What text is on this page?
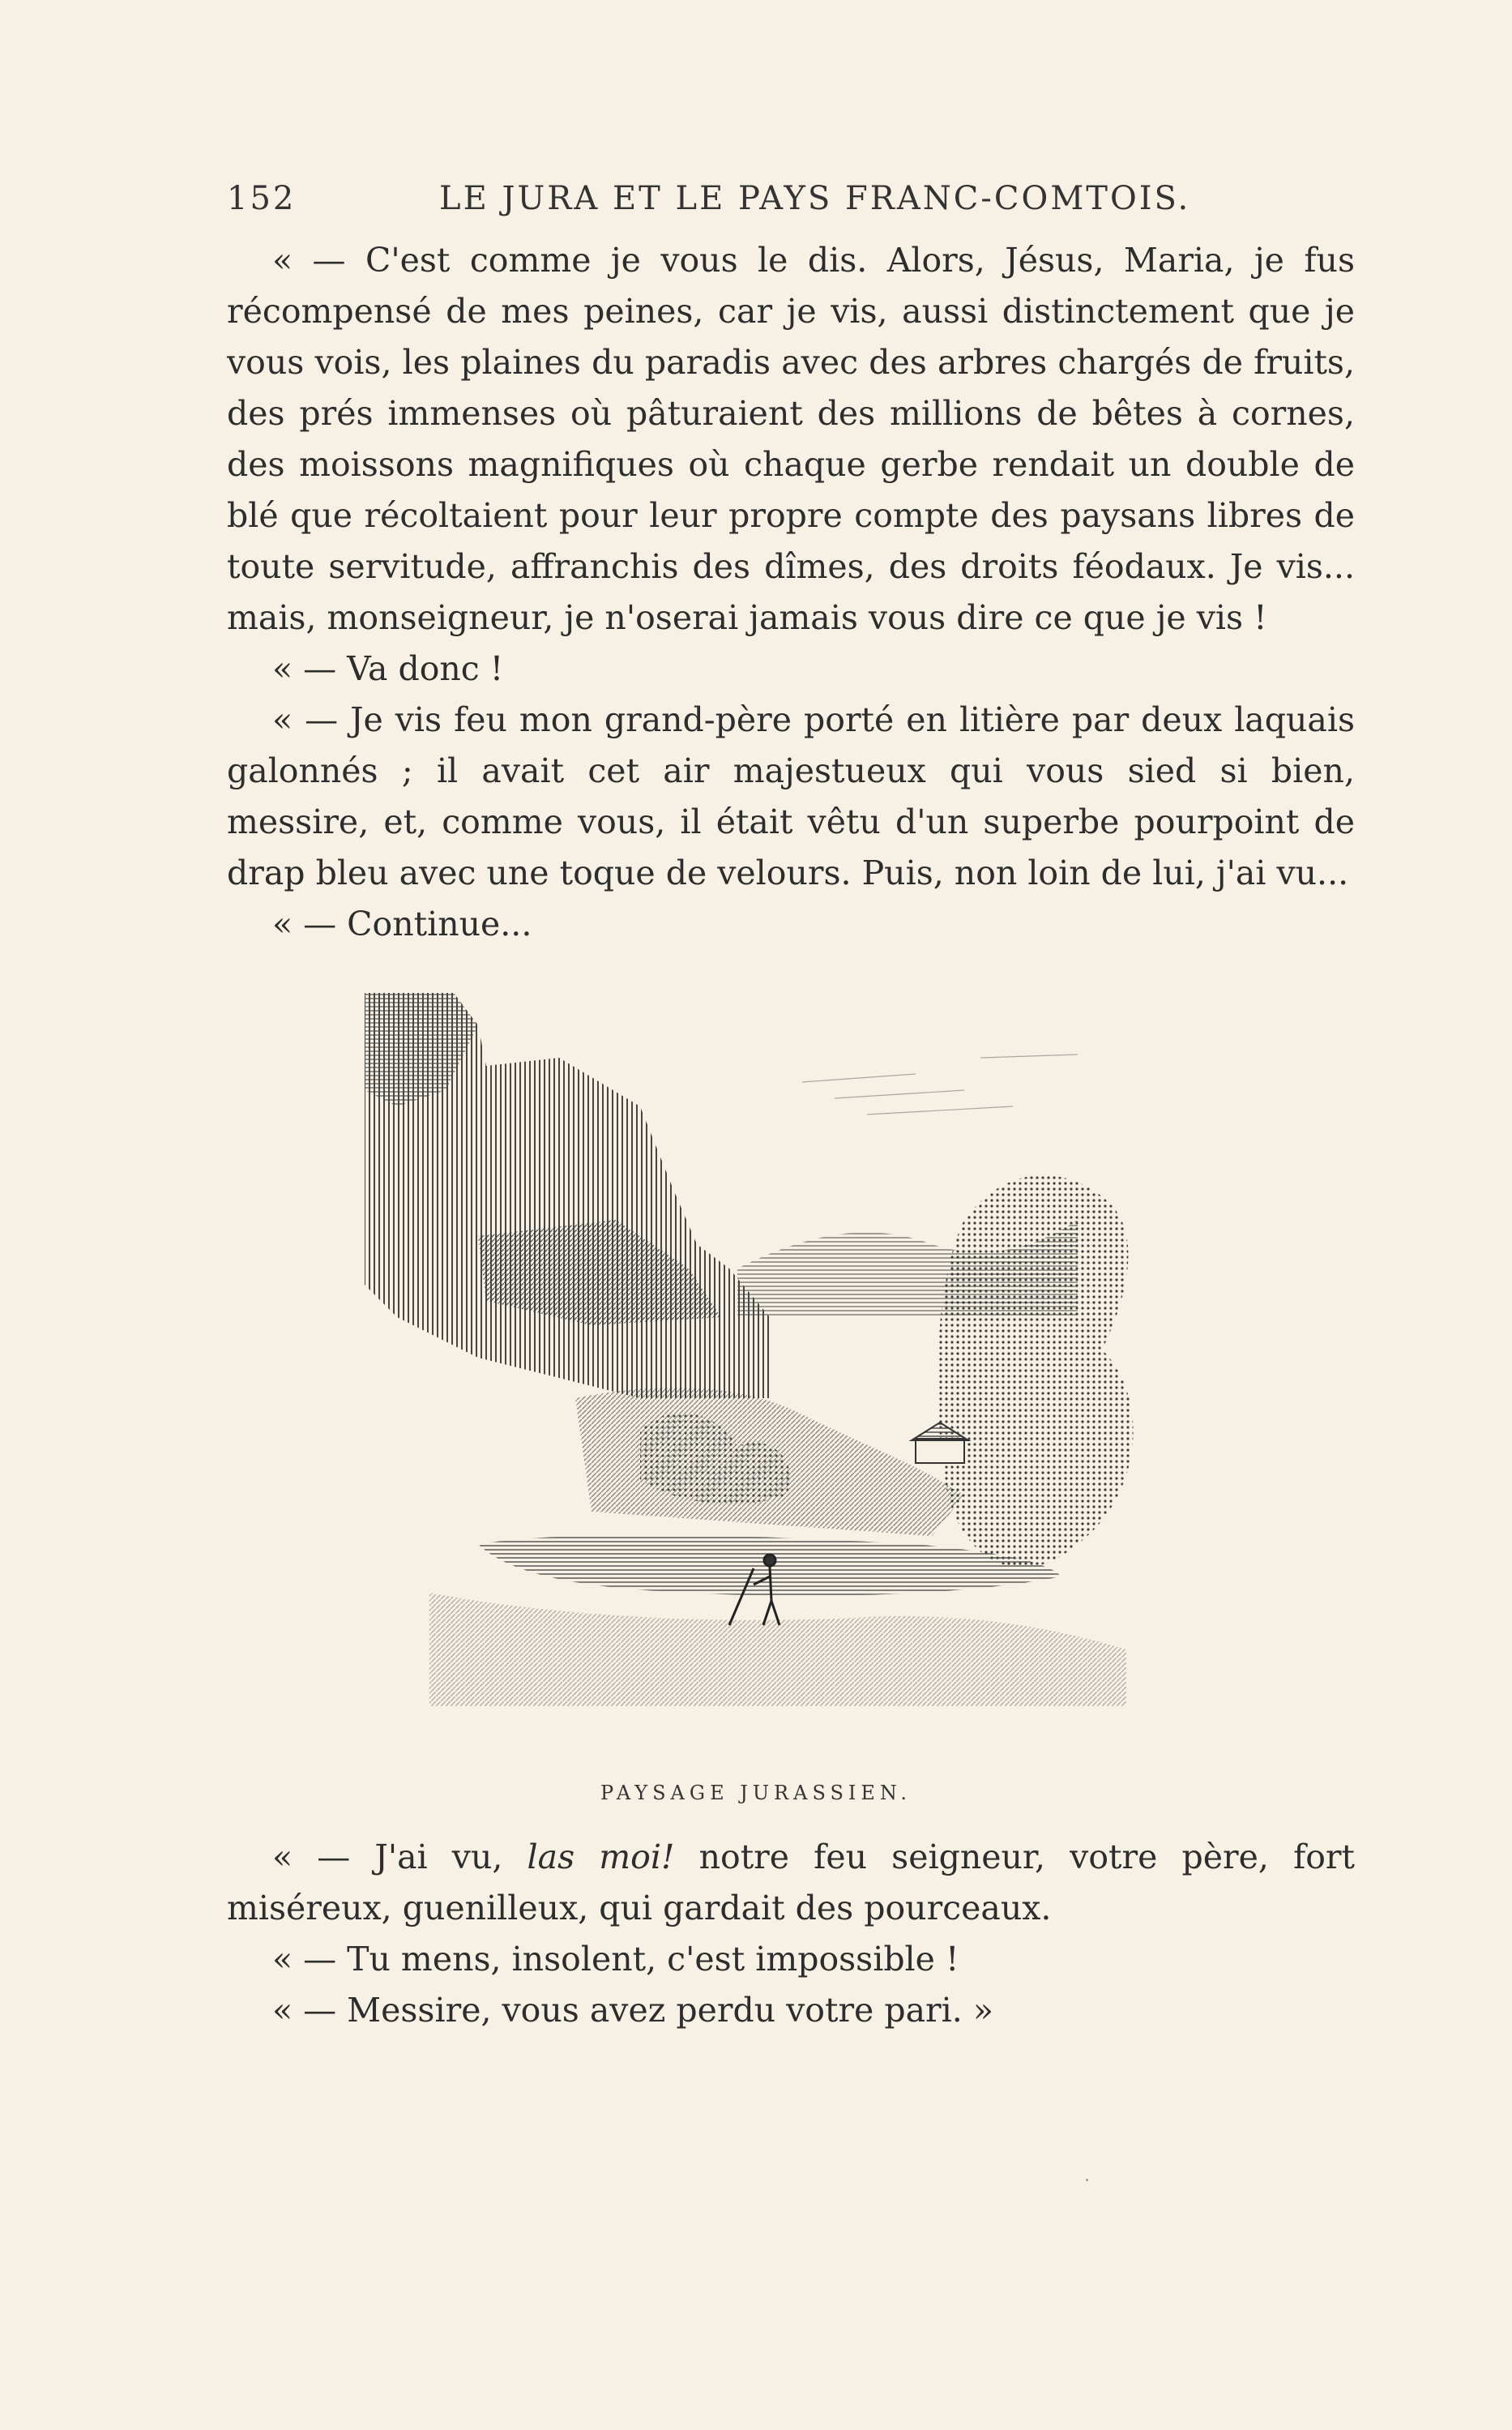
152	LE JURA ET LE PAYS FRANC-COMTOIS.

« — C'est comme je vous le dis. Alors, Jésus, Maria, je fus récompensé de mes peines, car je vis, aussi distinctement que je vous vois, les plaines du paradis avec des arbres chargés de fruits, des prés immenses où pâturaient des millions de bêtes à cornes, des moissons magnifiques où chaque gerbe rendait un double de blé que récoltaient pour leur propre compte des paysans libres de toute servitude, affranchis des dîmes, des droits féodaux. Je vis... mais, monseigneur, je n'oserai jamais vous dire ce que je vis !

« — Va donc !

« — Je vis feu mon grand-père porté en litière par deux laquais galonnés ; il avait cet air majestueux qui vous sied si bien, messire, et, comme vous, il était vêtu d'un superbe pourpoint de drap bleu avec une toque de velours. Puis, non loin de lui, j'ai vu...

« — Continue...

PAYSAGE JURASSIEN.

« — J'ai vu, las moi! notre feu seigneur, votre père, fort miséreux, guenilleux, qui gardait des pourceaux.

« — Tu mens, insolent, c'est impossible !

« — Messire, vous avez perdu votre pari. »
